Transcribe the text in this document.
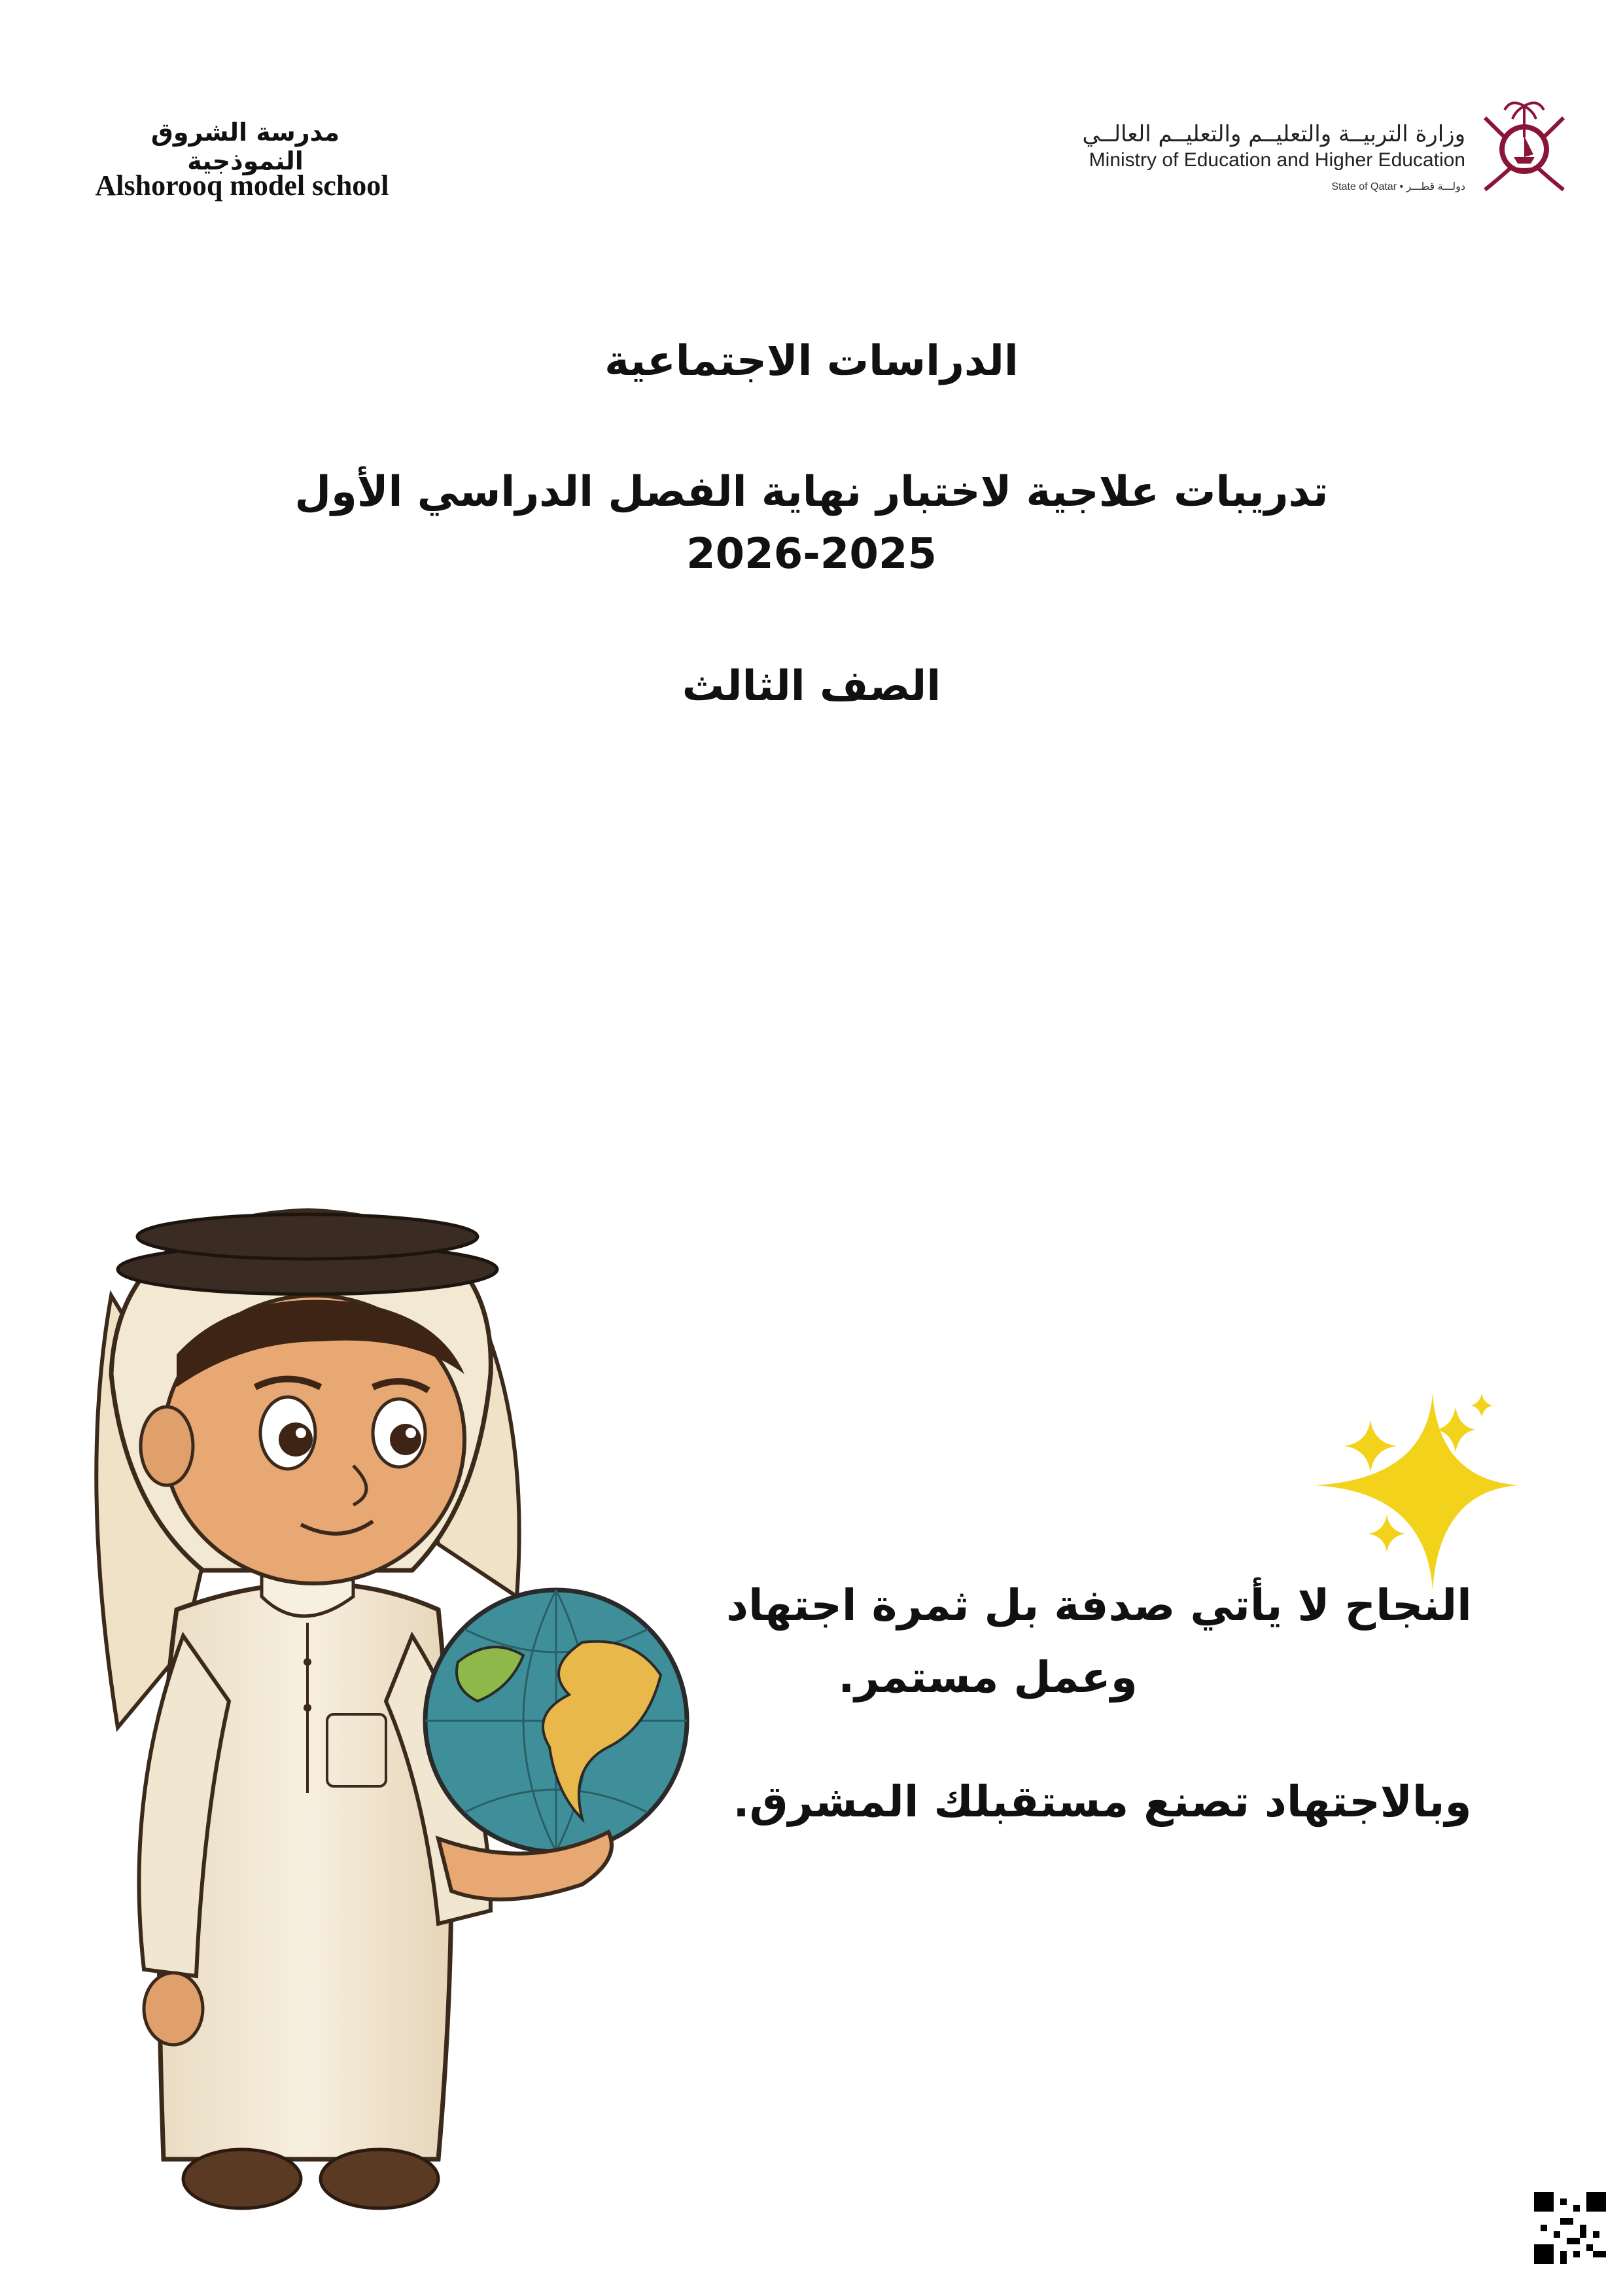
مدرسة الشروق النموذجية
Alshorooq model school
وزارة التربيــة والتعليــم والتعليــم العالــي
Ministry of Education and Higher Education
State of Qatar • دولـــة قطـــر
الدراسات الاجتماعية
تدريبات علاجية لاختبار نهاية الفصل الدراسي الأول
2026-2025
الصف الثالث
النجاح لا يأتي صدفة بل ثمرة اجتهاد
وعمل مستمر.
وبالاجتهاد تصنع مستقبلك المشرق.
